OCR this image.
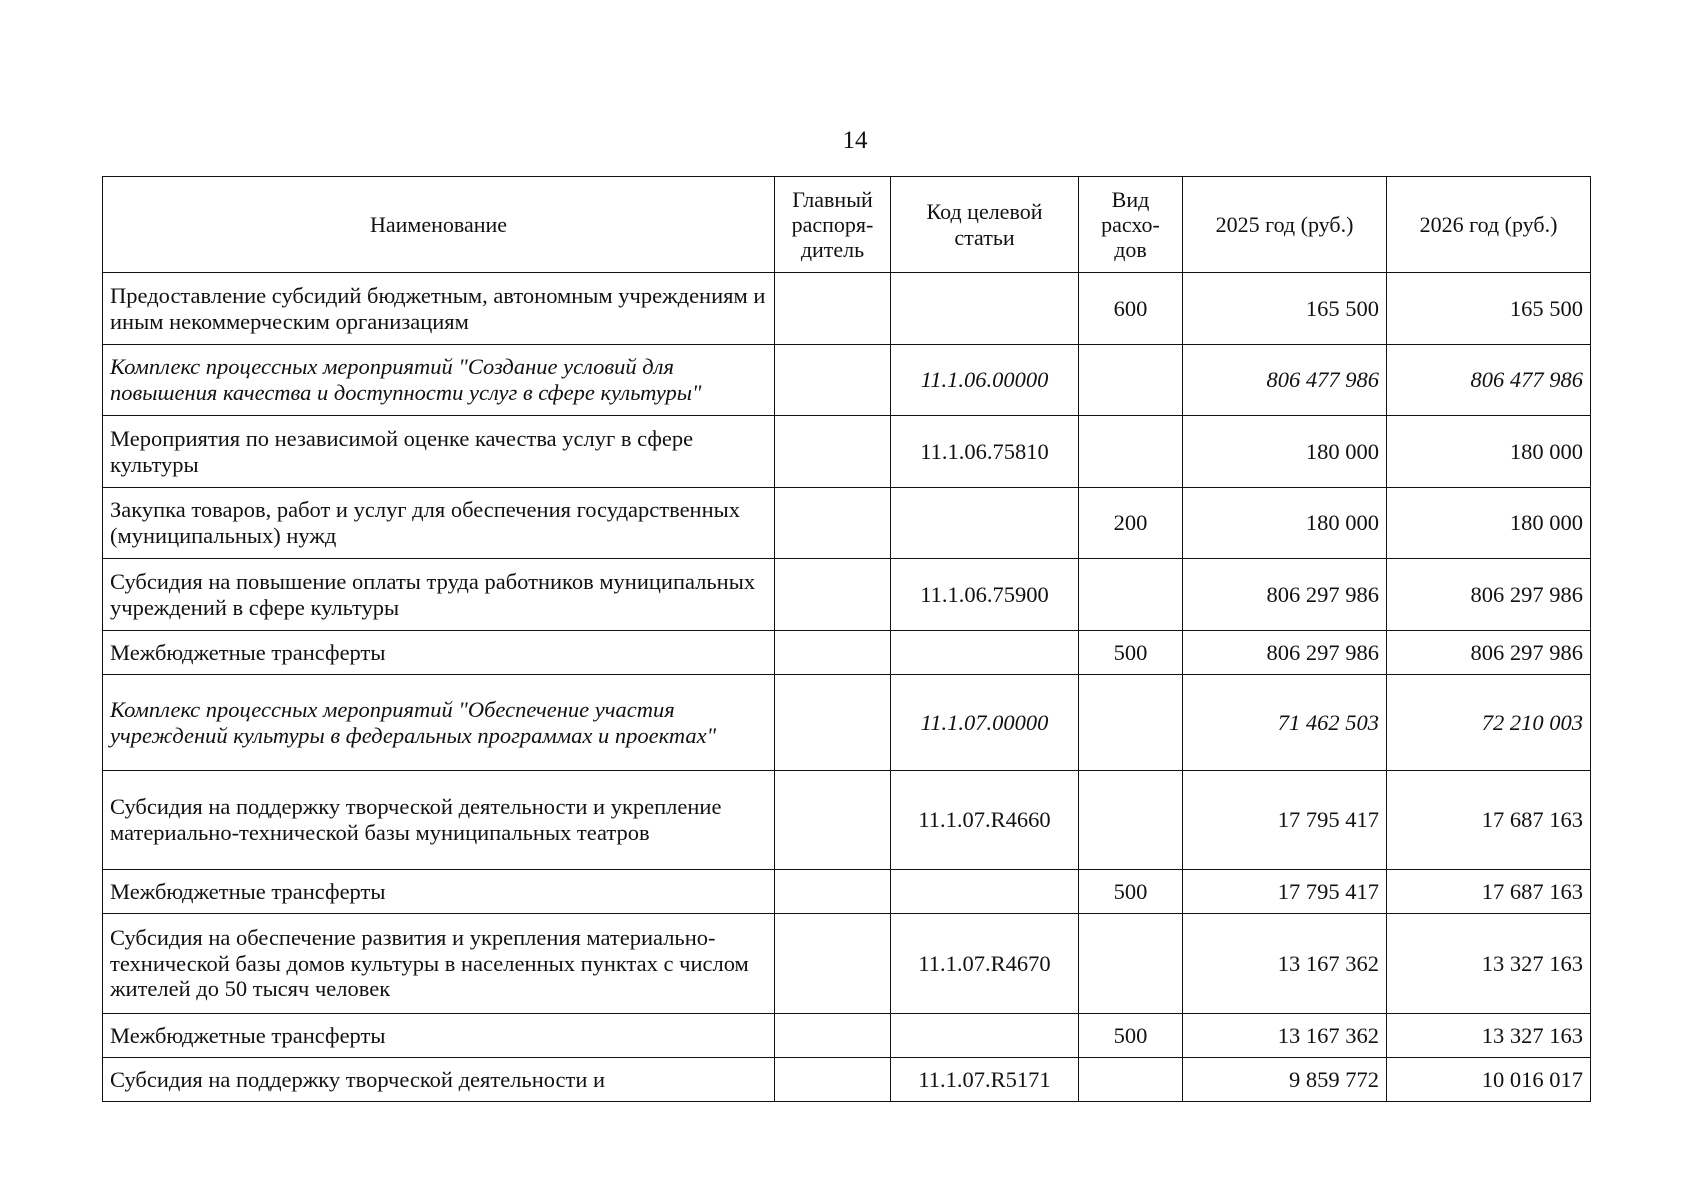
14
Наименование	Главный распоря-дитель	Код целевой статьи	Вид расхо-дов	2025 год (руб.)	2026 год (руб.)
Предоставление субсидий бюджетным, автономным учреждениям и иным некоммерческим организациям			600	165 500	165 500
Комплекс процессных мероприятий "Создание условий для повышения качества и доступности услуг в сфере культуры"		11.1.06.00000		806 477 986	806 477 986
Мероприятия по независимой оценке качества услуг в сфере культуры		11.1.06.75810		180 000	180 000
Закупка товаров, работ и услуг для обеспечения государственных (муниципальных) нужд			200	180 000	180 000
Субсидия на повышение оплаты труда работников муниципальных учреждений в сфере культуры		11.1.06.75900		806 297 986	806 297 986
Межбюджетные трансферты			500	806 297 986	806 297 986
Комплекс процессных мероприятий "Обеспечение участия учреждений культуры в федеральных программах и проектах"		11.1.07.00000		71 462 503	72 210 003
Субсидия на поддержку творческой деятельности и укрепление материально-технической базы муниципальных театров		11.1.07.R4660		17 795 417	17 687 163
Межбюджетные трансферты			500	17 795 417	17 687 163
Субсидия на обеспечение развития и укрепления материально-технической базы домов культуры в населенных пунктах с числом жителей до 50 тысяч человек		11.1.07.R4670		13 167 362	13 327 163
Межбюджетные трансферты			500	13 167 362	13 327 163
Субсидия на поддержку творческой деятельности и		11.1.07.R5171		9 859 772	10 016 017
